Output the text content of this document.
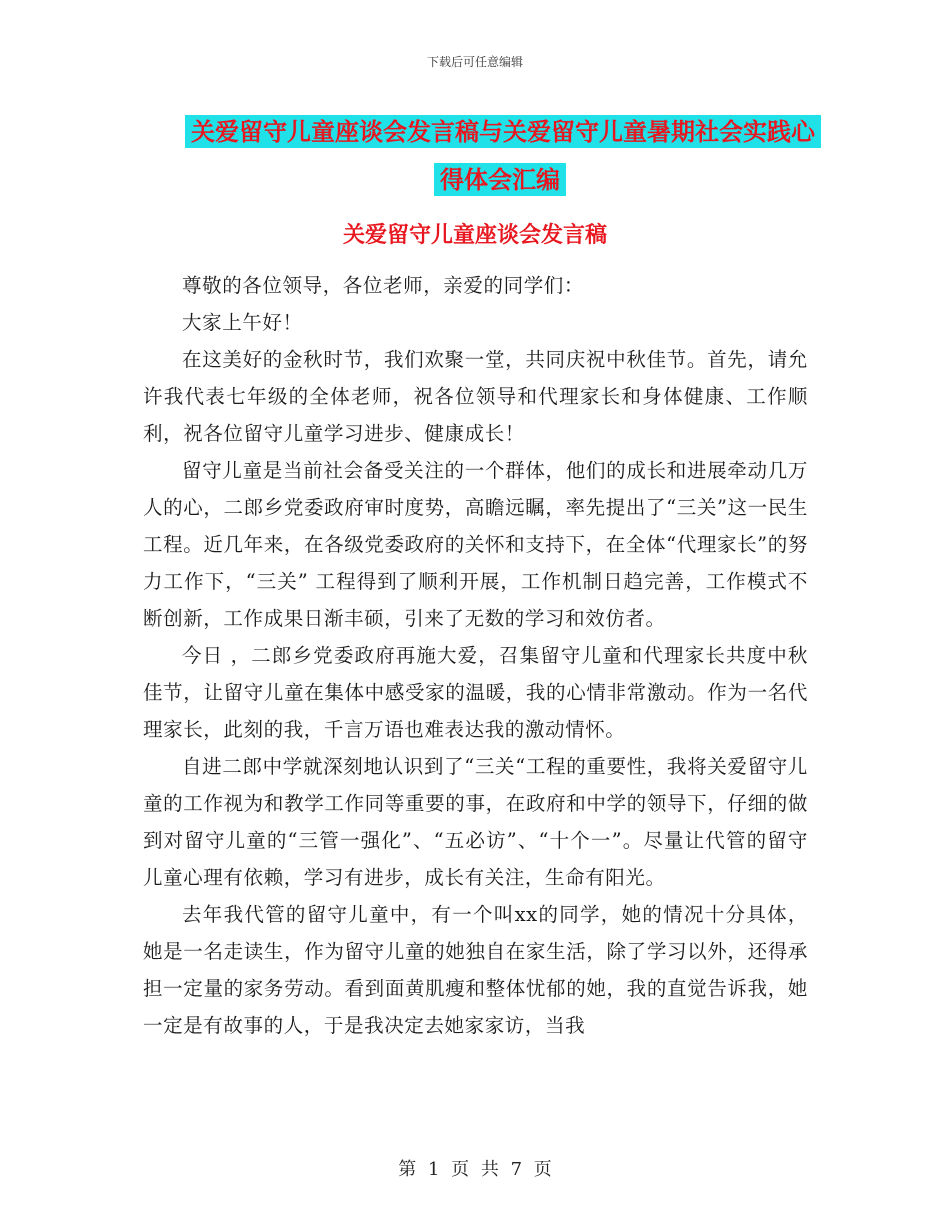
下载后可任意编辑
关爱留守儿童座谈会发言稿与关爱留守儿童暑期社会实践心得体会汇编
关爱留守儿童座谈会发言稿

尊敬的各位领导，各位老师，亲爱的同学们：

大家上午好！

在这美好的金秋时节，我们欢聚一堂，共同庆祝中秋佳节。首先，请允许我代表七年级的全体老师，祝各位领导和代理家长和身体健康、工作顺利，祝各位留守儿童学习进步、健康成长！

留守儿童是当前社会备受关注的一个群体，他们的成长和进展牵动几万人的心，二郎乡党委政府审时度势，高瞻远瞩，率先提出了“三关”这一民生工程。近几年来，在各级党委政府的关怀和支持下，在全体“代理家长”的努力工作下，“三关” 工程得到了顺利开展，工作机制日趋完善，工作模式不断创新，工作成果日渐丰硕，引来了无数的学习和效仿者。

今日 ，二郎乡党委政府再施大爱，召集留守儿童和代理家长共度中秋佳节，让留守儿童在集体中感受家的温暖，我的心情非常激动。作为一名代理家长，此刻的我，千言万语也难表达我的激动情怀。

自进二郎中学就深刻地认识到了“三关“工程的重要性，我将关爱留守儿童的工作视为和教学工作同等重要的事，在政府和中学的领导下，仔细的做到对留守儿童的“三管一强化”、“五必访”、“十个一”。尽量让代管的留守儿童心理有依赖，学习有进步，成长有关注，生命有阳光。

去年我代管的留守儿童中，有一个叫xx的同学，她的情况十分具体，她是一名走读生，作为留守儿童的她独自在家生活，除了学习以外，还得承担一定量的家务劳动。看到面黄肌瘦和整体忧郁的她，我的直觉告诉我，她一定是有故事的人，于是我决定去她家家访，当我

第 1 页 共 7 页
